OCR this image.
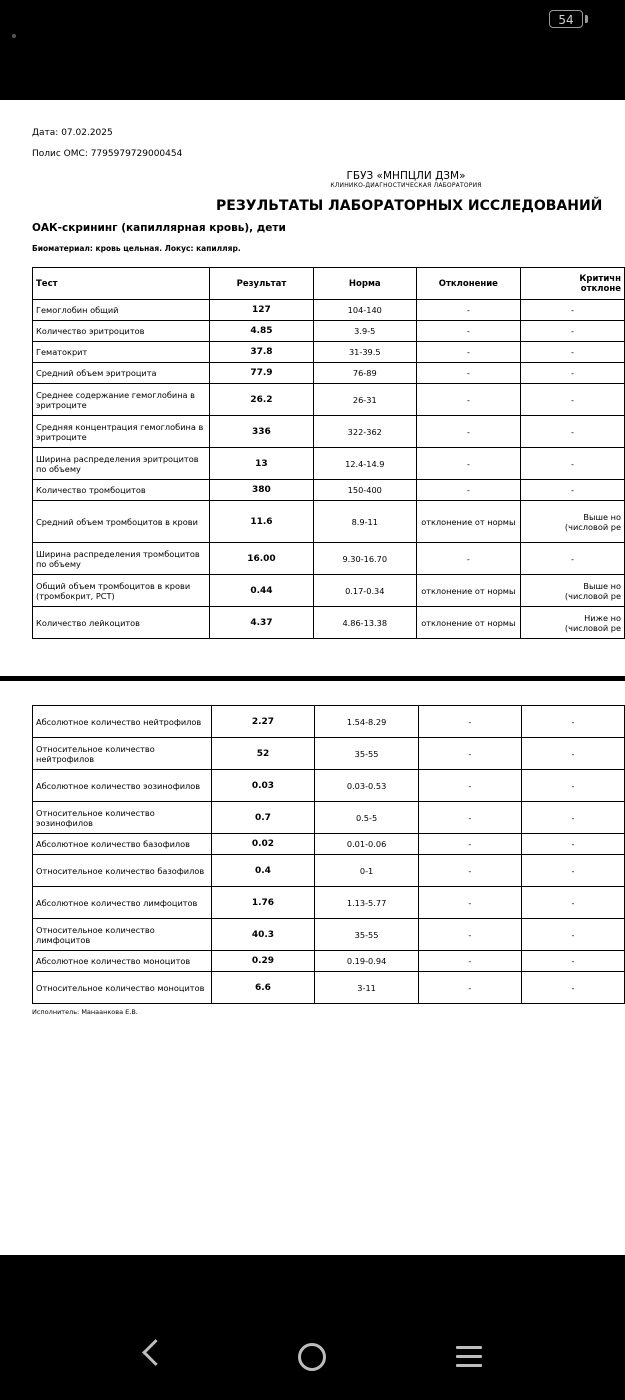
54
Дата: 07.02.2025
Полис ОМС: 7795979729000454
ГБУЗ «МНПЦЛИ ДЗМ»
КЛИНИКО-ДИАГНОСТИЧЕСКАЯ ЛАБОРАТОРИЯ
РЕЗУЛЬТАТЫ ЛАБОРАТОРНЫХ ИССЛЕДОВАНИЙ
ОАК-скрининг (капиллярная кровь), дети
Биоматериал: кровь цельная. Локус: капилляр.
Тест	Результат	Норма	Отклонение	Критичн
отклоне

Гемоглобин общий	127	104-140	-	-

Количество эритроцитов	4.85	3.9-5	-	-

Гематокрит	37.8	31-39.5	-	-

Средний объем эритроцита	77.9	76-89	-	-

Среднее содержание гемоглобина в эритроците	26.2	26-31	-	-

Средняя концентрация гемоглобина в эритроците	336	322-362	-	-

Ширина распределения эритроцитов по объему	13	12.4-14.9	-	-

Количество тромбоцитов	380	150-400	-	-

Средний объем тромбоцитов в крови	11.6	8.9-11	отклонение от нормы	Выше но
(числовой ре

Ширина распределения тромбоцитов по объему	16.00	9.30-16.70	-	-

Общий объем тромбоцитов в крови (тромбокрит, PCT)	0.44	0.17-0.34	отклонение от нормы	Выше но
(числовой ре

Количество лейкоцитов	4.37	4.86-13.38	отклонение от нормы	Ниже но
(числовой ре
Абсолютное количество нейтрофилов	2.27	1.54-8.29	-	-
Относительное количество нейтрофилов	52	35-55	-	-
Абсолютное количество эозинофилов	0.03	0.03-0.53	-	-
Относительное количество эозинофилов	0.7	0.5-5	-	-
Абсолютное количество базофилов	0.02	0.01-0.06	-	-
Относительное количество базофилов	0.4	0-1	-	-
Абсолютное количество лимфоцитов	1.76	1.13-5.77	-	-
Относительное количество лимфоцитов	40.3	35-55	-	-
Абсолютное количество моноцитов	0.29	0.19-0.94	-	-
Относительное количество моноцитов	6.6	3-11	-	-
Исполнитель: Манаанкова Е.В.
